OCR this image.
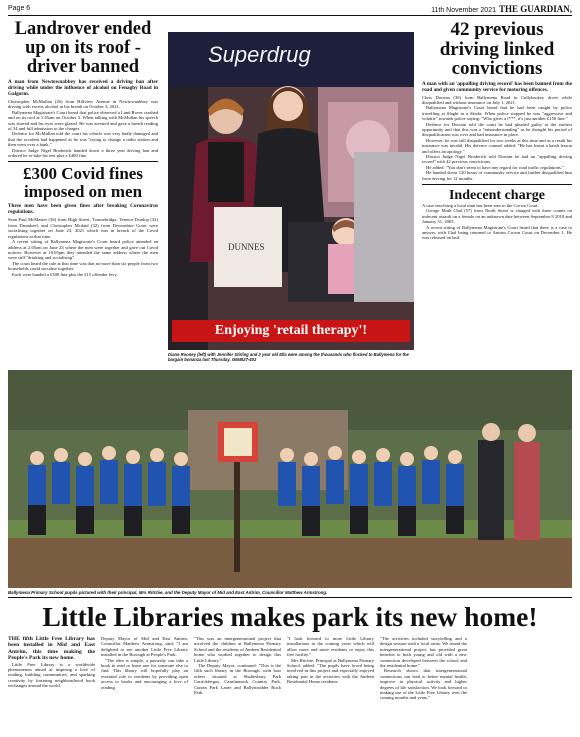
Page 6	11th November 2021 THE GUARDIAN,
Landrover ended up on its roof - driver banned
A man from Newtownabbey has received a driving ban after driving while under the influence of alcohol on Fenaghy Road in Galgorm.

Christopher McMullan (26) from Hillview Avenue in Newtownabbey was driving with excess alcohol in his breath on October 3, 2021.

Ballymena Magistrate's Court heard that police observed a Land Rover crashed and on its roof at 1.45am on October 3. When talking with McMullan his speech was slurred and his eyes were glazed. He was arrested and gave a breath reading of 54 and full admission to the charges.

Defence for McMullan told the court his vehicle was very badly damaged and that the accident had happened as he was "trying to change a radio station and then went over a bank."

District Judge Nigel Broderick handed down a three year driving ban and ordered he re-take his test plus a £400 fine.

£300 Covid fines imposed on men
Three men have been given fines after breaking Coronavirus regulations.

Sean Paul McMaster (36) from High Street, Toomebridge, Terence Dunlop (32) from Drumkeel, and Christopher Mcdaid (32) from Devonshire Court were socialising together on June 23, 2021 which was in breach of the Covid regulations at that time.

A recent sitting of Ballymena Magistrate's Court heard police attended an address at 2.05am on June 23 where the men were together and gave out Covid notices. However at 10.05pm they attended the same address where the men were still "drinking and socialising".

The court heard the rule at that time was that no more than six people from two households could socialise together.

Each were handed a £300 fine plus the £15 offender levy.

Superdrug
DUNNES
Enjoying 'retail therapy'!
Diane Rooney (left) with Jennifer Stirling and 2 year old Ella were among the thousands who flocked to Ballymena for the bargain bonanza last Thursday. GM4927-402
42 previous driving linked convictions
A man with an 'appalling driving record' has been banned from the road and given community service for motoring offences.

Chris Dorrian (36) from Ballymena Road in Cullybackey drove while disqualified and without insurance on July 1, 2021.

Ballymena Magistrate's Court heard that he had been caught by police travelling at Slaght in a Skoda. When police stopped he was "aggressive and volatile" towards police saying: "Who gives a f***, it's just another £150 fine."

Defence for Dorrian told the court he had pleaded guilty at the earliest opportunity and that this was a "misunderstanding" as he thought his period of disqualification was over and had insurance in place.

However, he was still disqualified for two weeks at this time and as a result his insurance was invalid. His defence counsel added: "He has learnt a harsh lesson and offers an apology."

District Judge Nigel Broderick told Dorrian he had an "appalling driving record" with 42 previous convictions.

He added: "You don't seem to have any regard for road traffic regulations."

He handed down 120 hours of community service and further disqualified him from driving for 12 months.

Indecent charge

A case involving a local man has been sent to the Crown Court.

George Muth Chal (57) from North Street is charged with three counts on indecent assault on a female on an unknown date between September 8 2018 and January 31, 2005.

A recent sitting of Ballymena Magistrate's Court heard that there is a case to answer, with Chal being returned to Antrim Crown Court on December 1. He was released on bail.

Ballymena Primary School pupils pictured with their principal, Mrs Ritchie, and the Deputy Mayor of Mid and East Antrim, Councillor Matthew Armstrong.
Little Libraries makes park its new home!

THE fifth Little Free Library has been installed in Mid and East Antrim, this time making the People's Park its new home.

Little Free Library is a worldwide phenomenon aimed at inspiring a love of reading, building communities, and sparking creativity by fostering neighbourhood book exchanges around the world.

Deputy Mayor of Mid and East Antrim, Councillor Matthew Armstrong, said: "I am delighted to see another Little Free Library installed in the Borough at People's Park.

"The idea is simple, a passerby can take a book to read or leave one for someone else to find. This library will hopefully play an essential role to residents by providing open access to books and encouraging a love of reading.

"This was an intergenerational project that involved the children at Ballymena Primary School and the residents of Andeen Residential home who worked together to design this Little Library."

The Deputy Mayor, continued: "This is the fifth such library in the Borough, with four others situated at Shaftesbury Park Carrickfergus, Carnfunnock Country Park, Curran Park Larne and Ballystrudder Rock Park.

"I look forward to more Little Library installations in the coming years which will allow more and more residents to enjoy this free facility."

Mrs Ritchie, Principal at Ballymena Primary School, added: "The pupils have loved being involved in this project and especially enjoyed taking part in the activities with the Andeen Residential Home residents.

"The activities included storytelling and a design session with a local artist. We found the intergenerational project has provided great benefits to both young and old with a new connection developed between the school and the residential home."

Research shows that intergenerational connections can lead to better mental health, improve in physical activity and higher degrees of life satisfaction. We look forward to making use of the Little Free Library over the coming months and years."
